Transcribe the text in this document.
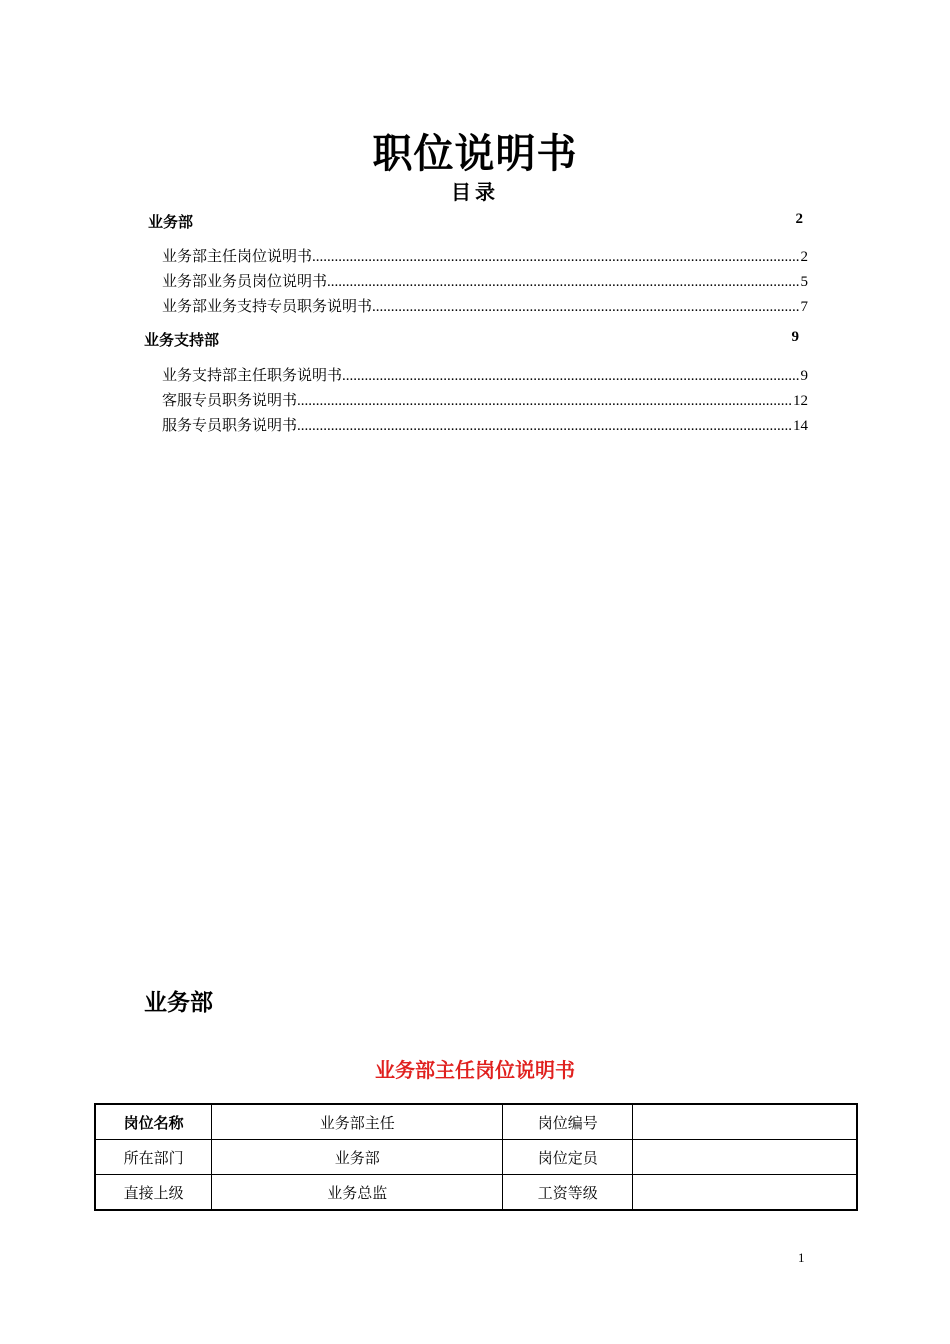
职位说明书
目录
业务部	2
业务部主任岗位说明书 .....	2
业务部业务员岗位说明书 .....	5
业务部业务支持专员职务说明书 .....	7
业务支持部	9
业务支持部主任职务说明书 .....	9
客服专员职务说明书 .....	12
服务专员职务说明书 .....	14
业务部
业务部主任岗位说明书
岗位名称	业务部主任	岗位编号	
所在部门	业务部	岗位定员	
直接上级	业务总监	工资等级	
1
